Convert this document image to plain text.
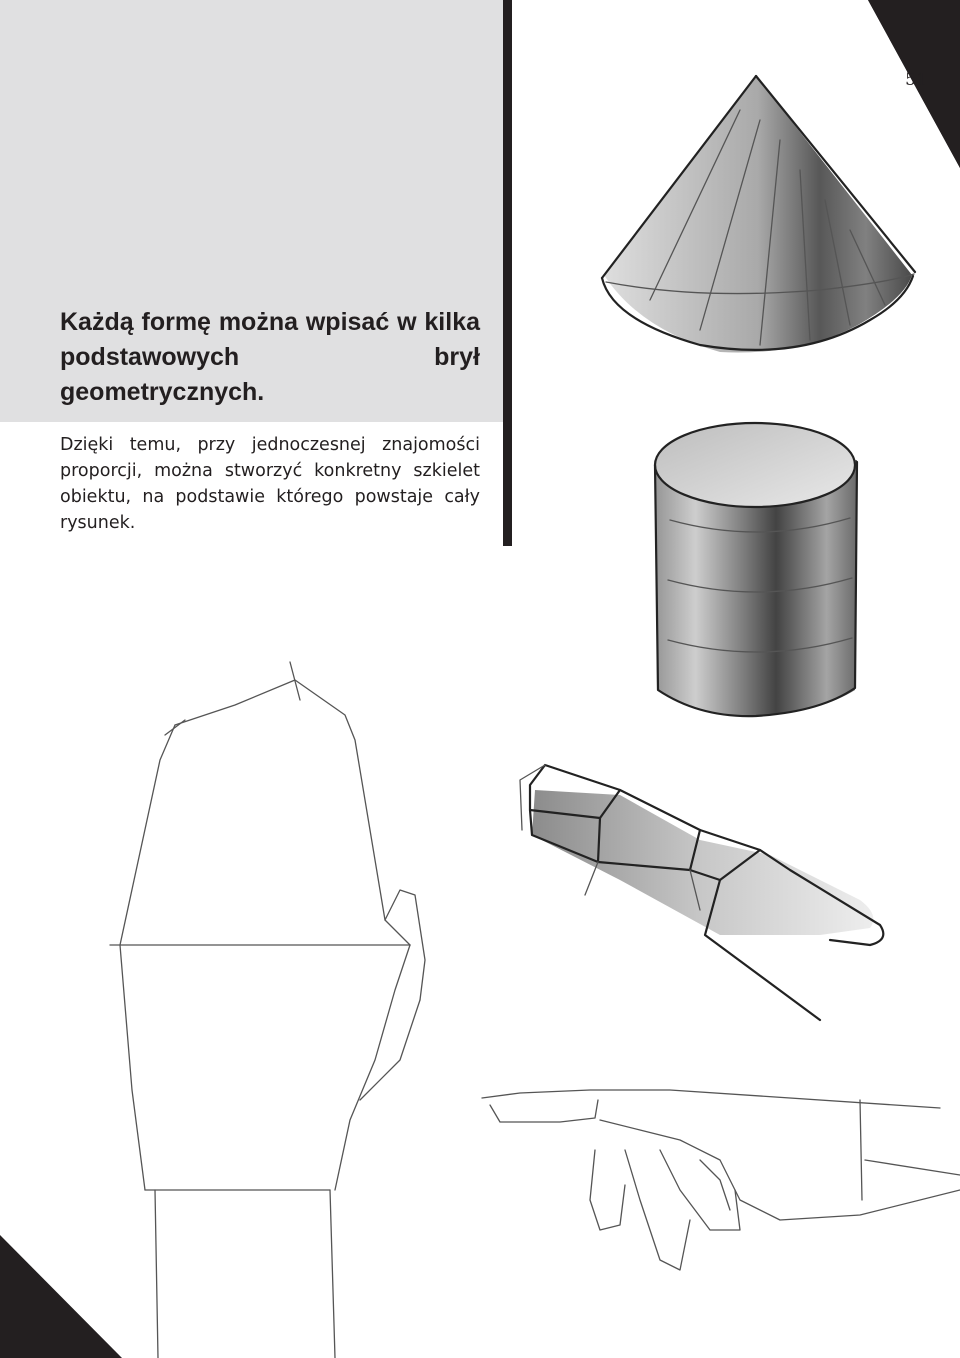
Każdą formę można wpisać w kilka podstawowych brył geometrycznych.

Dzięki temu, przy jednoczesnej znajomości proporcji, można stworzyć konkretny szkielet obiektu, na podstawie którego powstaje cały rysunek.

51
